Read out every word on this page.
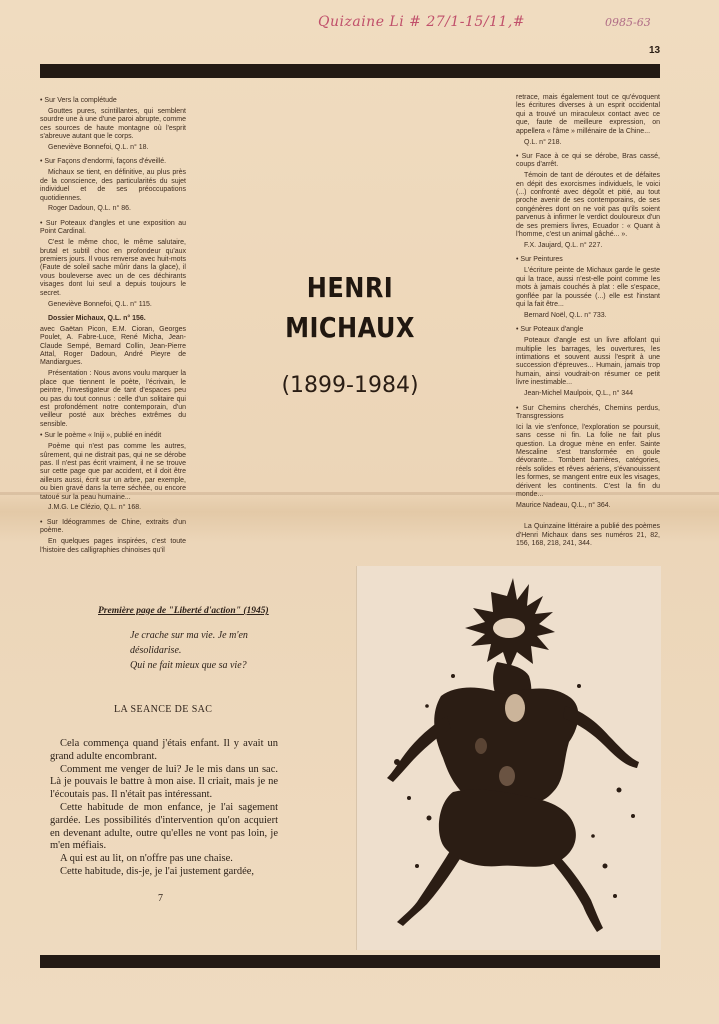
Quizaine Li # 27/1-15/11,#	0985-63
13

• Sur Vers la complétude

Gouttes pures, scintillantes, qui semblent sourdre une à une d'une paroi abrupte, comme ces sources de haute montagne où l'esprit s'abreuve autant que le corps.

Geneviève Bonnefoi, Q.L. n° 18.

• Sur Façons d'endormi, façons d'éveillé.

Michaux se tient, en définitive, au plus près de la conscience, des particularités du sujet individuel et de ses préoccupations quotidiennes.

Roger Dadoun, Q.L. n° 86.

• Sur Poteaux d'angles et une exposition au Point Cardinal.

C'est le même choc, le même salutaire, brutal et subtil choc en profondeur qu'aux premiers jours. Il vous renverse avec huit-mots (Faute de soleil sache mûrir dans la glace), il vous bouleverse avec un de ces déchirants visages dont lui seul a depuis toujours le secret.

Geneviève Bonnefoi, Q.L. n° 115.

Dossier Michaux, Q.L. n° 156.

avec Gaëtan Picon, E.M. Cioran, Georges Poulet, A. Fabre-Luce, René Micha, Jean-Claude Sempé, Bernard Collin, Jean-Pierre Attal, Roger Dadoun, André Pieyre de Mandiargues.

Présentation : Nous avons voulu marquer la place que tiennent le poète, l'écrivain, le peintre, l'investigateur de tant d'espaces peu ou pas du tout connus : celle d'un solitaire qui est profondément notre contemporain, d'un veilleur posté aux brèches extrêmes du sensible.

• Sur le poème « Iniji », publié en inédit

Poème qui n'est pas comme les autres, sûrement, qui ne distrait pas, qui ne se dérobe pas. Il n'est pas écrit vraiment, il ne se trouve sur cette page que par accident, et il doit être ailleurs aussi, écrit sur un arbre, par exemple, ou bien gravé dans la terre séchée, ou encore tatoué sur la peau humaine...

J.M.G. Le Clézio, Q.L. n° 168.

• Sur Idéogrammes de Chine, extraits d'un poème.

En quelques pages inspirées, c'est toute l'histoire des calligraphies chinoises qu'il

retrace, mais également tout ce qu'évoquent les écritures diverses à un esprit occidental qui a trouvé un miraculeux contact avec ce que, faute de meilleure expression, on appellera « l'âme » millénaire de la Chine...

Q.L. n° 218.

• Sur Face à ce qui se dérobe, Bras cassé, coups d'arrêt.

Témoin de tant de déroutes et de défaites en dépit des exorcismes individuels, le voici (...) confronté avec dégoût et pitié, au tout proche avenir de ses contemporains, de ses congénères dont on ne voit pas qu'ils soient parvenus à infirmer le verdict douloureux d'un de ses premiers livres, Ecuador : « Quant à l'homme, c'est un animal gâché... ».

F.X. Jaujard, Q.L. n° 227.

• Sur Peintures

L'écriture peinte de Michaux garde le geste qui la trace, aussi n'est-elle point comme les mots à jamais couchés à plat : elle s'espace, gonflée par la poussée (...) elle est l'instant qui la fait être...

Bernard Noël, Q.L. n° 733.

• Sur Poteaux d'angle

Poteaux d'angle est un livre affolant qui multiplie les barrages, les ouvertures, les intimations et souvent aussi l'esprit à une succession d'épreuves... Humain, jamais trop humain, ainsi voudrait-on résumer ce petit livre inestimable...

Jean-Michel Maulpoix, Q.L., n° 344

• Sur Chemins cherchés, Chemins perdus, Transgressions

Ici la vie s'enfonce, l'exploration se poursuit, sans cesse ni fin. La folie ne fait plus question. La drogue mène en enfer. Sainte Mescaline s'est transformée en goule dévorante... Tombent barrières, catégories, réels solides et rêves aériens, s'évanouissent les formes, se mangent entre eux les visages, dérivent les continents. C'est la fin du monde...

Maurice Nadeau, Q.L., n° 364.

La Quinzaine littéraire a publié des poèmes d'Henri Michaux dans ses numéros 21, 82, 156, 168, 218, 241, 344.

HENRI
MICHAUX
(1899-1984)
Première page de "Liberté d'action" (1945)
Je crache sur ma vie. Je m'en désolidarise.
Qui ne fait mieux que sa vie?
LA SEANCE DE SAC

Cela commença quand j'étais enfant. Il y avait un grand adulte encombrant.

Comment me venger de lui? Je le mis dans un sac. Là je pouvais le battre à mon aise. Il criait, mais je ne l'écoutais pas. Il n'était pas intéressant.

Cette habitude de mon enfance, je l'ai sagement gardée. Les possibilités d'intervention qu'on acquiert en devenant adulte, outre qu'elles ne vont pas loin, je m'en méfiais.

A qui est au lit, on n'offre pas une chaise.

Cette habitude, dis-je, je l'ai justement gardée,

7
